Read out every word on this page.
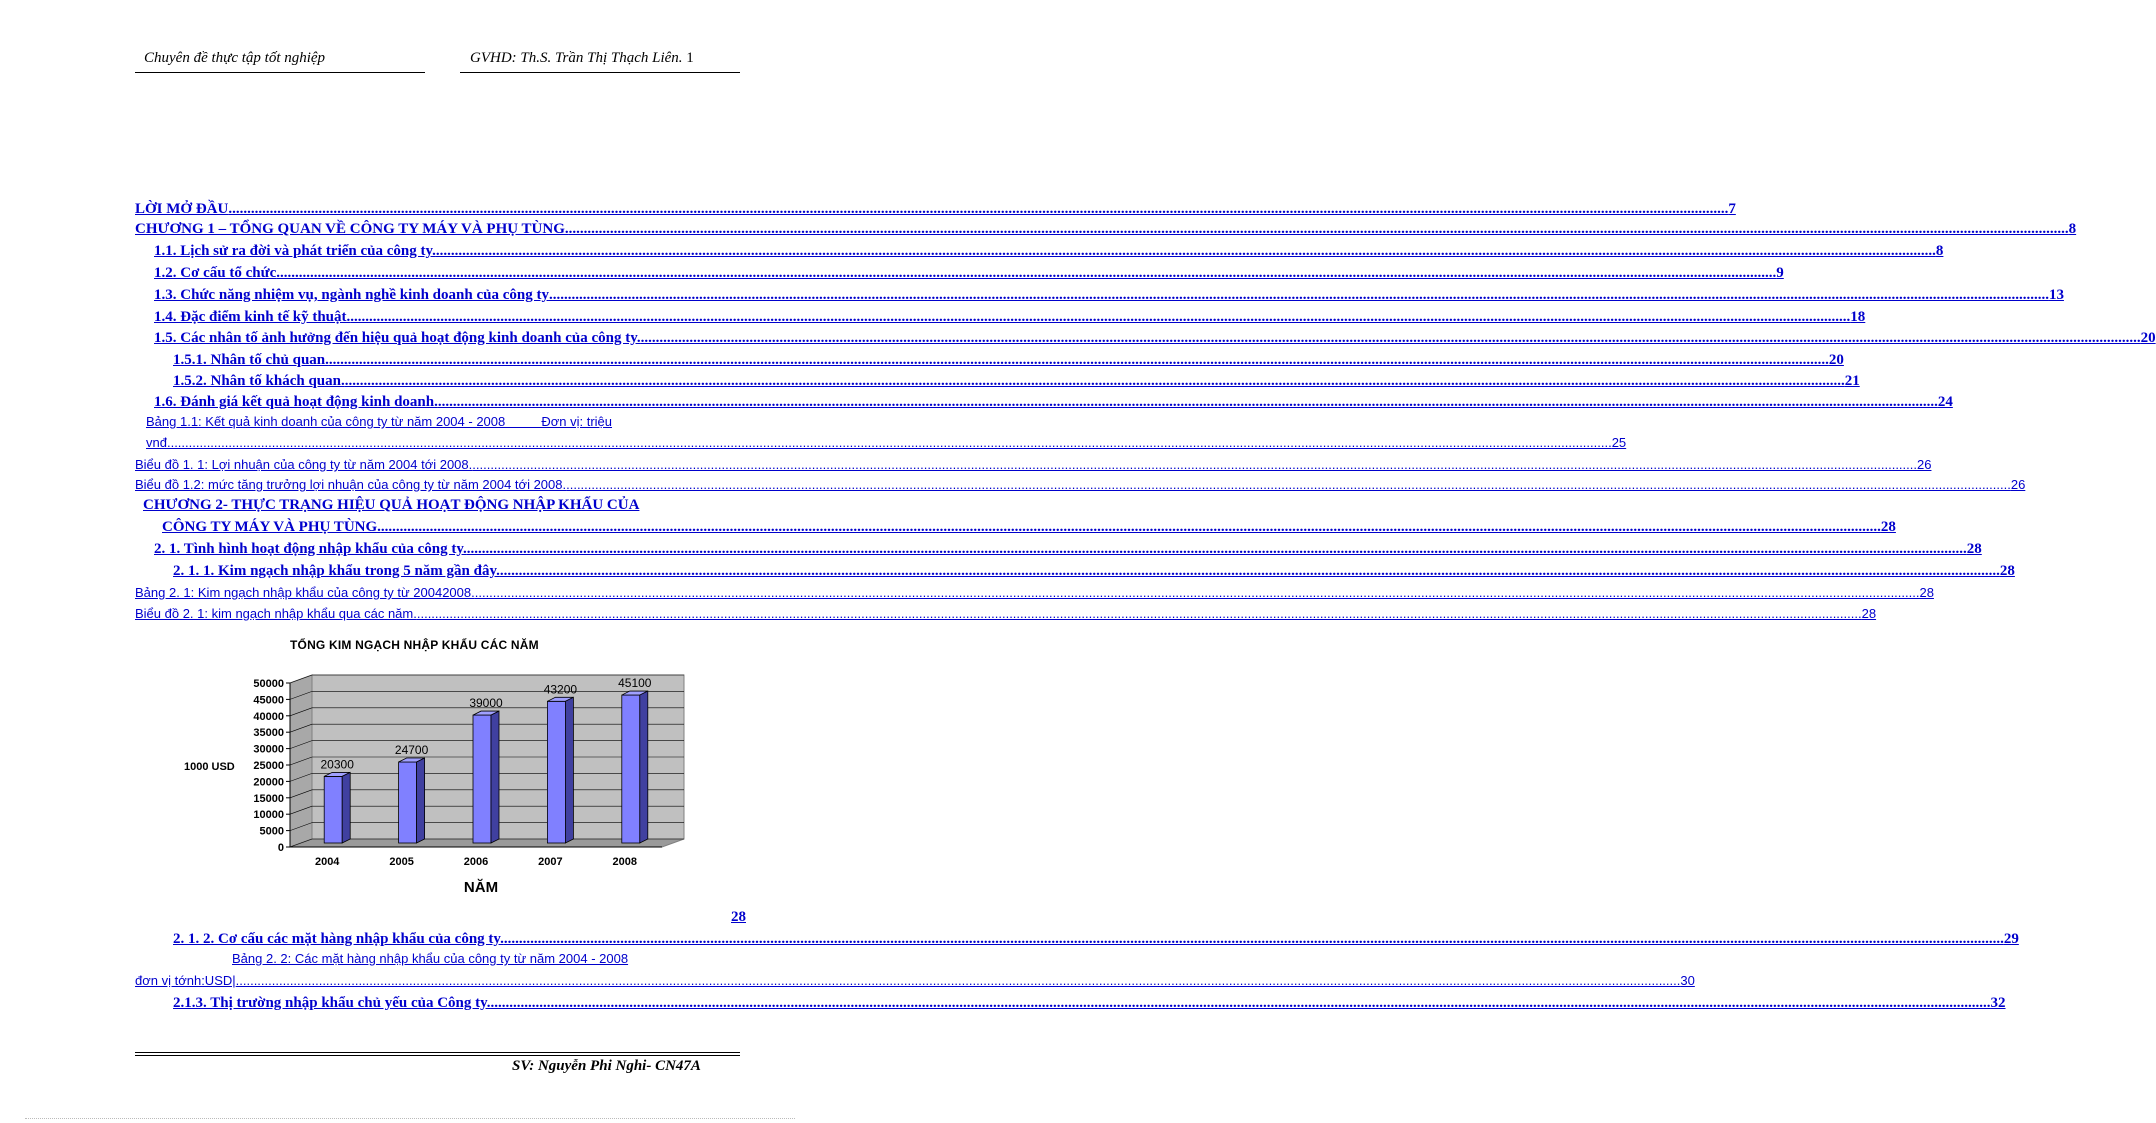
Chuyên đề thực tập tốt nghiệp	GVHD: Th.S. Trần Thị Thạch Liên. 1
LỜI MỞ ĐẦU ................................................................................................................................................................................................................................................................................................................................................................................................................ 7
CHƯƠNG 1 – TỔNG QUAN VỀ CÔNG TY MÁY VÀ PHỤ TÙNG. ................................................................................................................................................................................................................................................................................................................................................................................................................ 8
1.1. Lịch sử ra đời và phát triển của công ty. ................................................................................................................................................................................................................................................................................................................................................................................................................ 8
1.2. Cơ cấu tổ chức ................................................................................................................................................................................................................................................................................................................................................................................................................ 9
1.3. Chức năng nhiệm vụ, ngành nghề kinh doanh của công ty ................................................................................................................................................................................................................................................................................................................................................................................................................ 13
1.4. Đặc điểm kinh tế kỹ thuật. ................................................................................................................................................................................................................................................................................................................................................................................................................ 18
1.5. Các nhân tố ảnh hưởng đến hiệu quả hoạt động kinh doanh của công ty. ................................................................................................................................................................................................................................................................................................................................................................................................................ 20
1.5.1. Nhân tố chủ quan. ................................................................................................................................................................................................................................................................................................................................................................................................................ 20
1.5.2. Nhân tố khách quan. ................................................................................................................................................................................................................................................................................................................................................................................................................ 21
1.6. Đánh giá kết quả hoạt động kinh doanh. ................................................................................................................................................................................................................................................................................................................................................................................................................ 24
Bảng 1.1: Kết quả kinh doanh của công ty từ năm 2004 - 2008          Đơn vị: triệu
vnđ ................................................................................................................................................................................................................................................................................................................................................................................................................ 25
Biểu đồ 1. 1: Lợi nhuận của công ty từ năm 2004 tới 2008. ................................................................................................................................................................................................................................................................................................................................................................................................................ 26
Biểu đồ 1.2: mức tăng trưởng lợi nhuận của công ty từ năm 2004 tới 2008. ................................................................................................................................................................................................................................................................................................................................................................................................................ 26
CHƯƠNG 2- THỰC TRẠNG HIỆU QUẢ HOẠT ĐỘNG NHẬP KHẨU CỦA
CÔNG TY MÁY VÀ PHỤ TÙNG. ................................................................................................................................................................................................................................................................................................................................................................................................................ 28
2. 1. Tình hình hoạt động nhập khẩu của công ty. ................................................................................................................................................................................................................................................................................................................................................................................................................ 28
2. 1. 1. Kim ngạch nhập khẩu trong 5 năm gần đây. ................................................................................................................................................................................................................................................................................................................................................................................................................ 28
Bảng 2. 1: Kim ngạch nhập khẩu của công ty từ 20042008. ................................................................................................................................................................................................................................................................................................................................................................................................................ 28
Biểu đồ 2. 1: kim ngạch nhập khẩu qua các năm. ................................................................................................................................................................................................................................................................................................................................................................................................................ 28
TỔNG KIM NGẠCH NHẬP KHẨU CÁC NĂM
0
5000
10000
15000
20000
25000
30000
35000
40000
45000
50000
20300
2004
24700
2005
39000
2006
43200
2007
45100
2008
1000 USD
NĂM
28
2. 1. 2. Cơ cấu các mặt hàng nhập khẩu của công ty. ................................................................................................................................................................................................................................................................................................................................................................................................................ 29
Bảng 2. 2: Các mặt hàng nhập khẩu của công ty từ năm 2004 - 2008
đơn vị tớnh:USD| ................................................................................................................................................................................................................................................................................................................................................................................................................ 30
2.1.3. Thị trường nhập khẩu chủ yếu của Công ty. ................................................................................................................................................................................................................................................................................................................................................................................................................ 32
SV: Nguyễn Phi Nghi- CN47A
